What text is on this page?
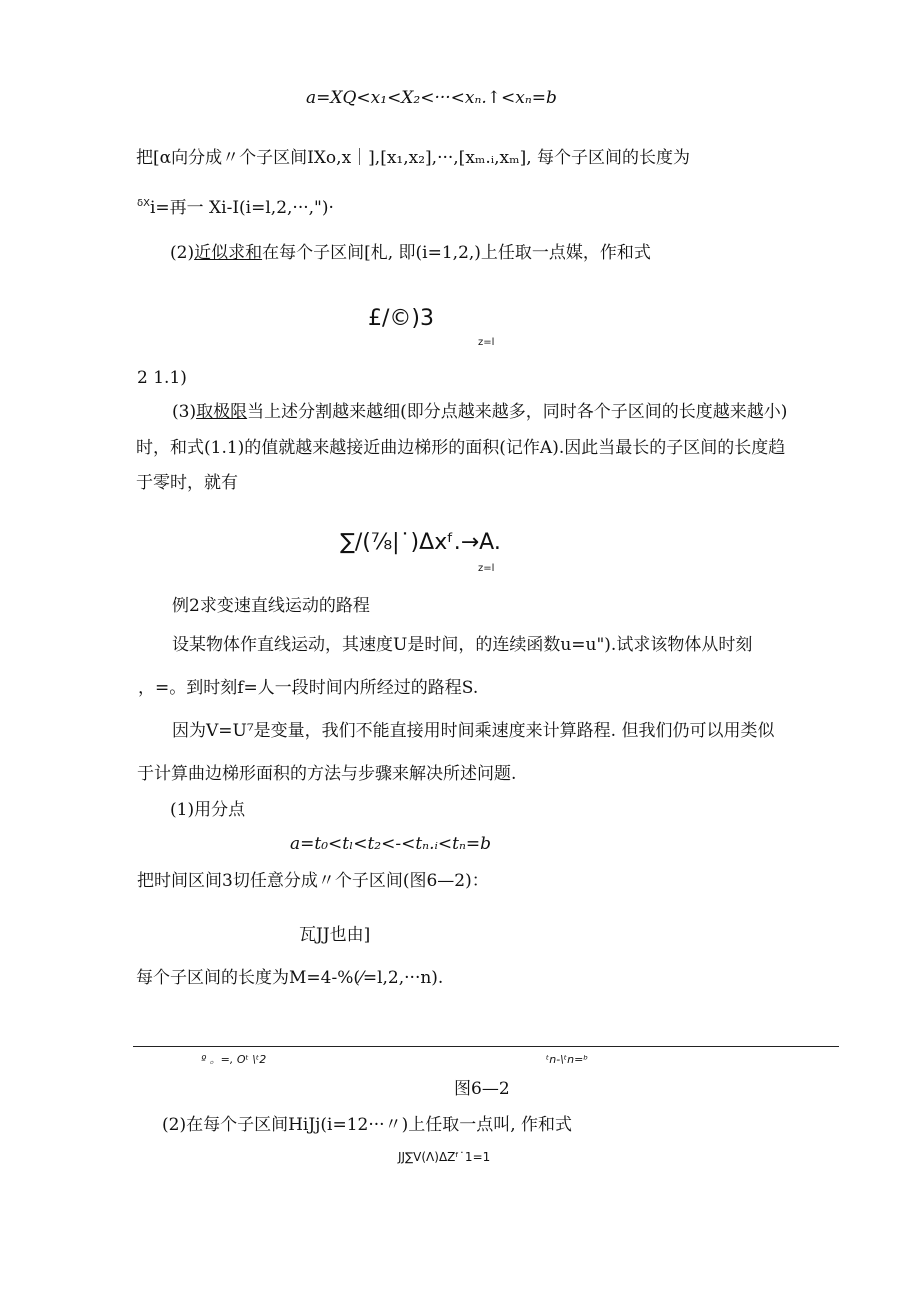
a=XQ<x₁<X₂<···<xₙ.↑<xₙ=b
把[α向分成〃个子区间IXo,x｜],[x₁,x₂],···,[xₘ.ᵢ,xₘ], 每个子区间的长度为
$^{\delta X}$i=再一 Xi-I(i=l,2,···,")·
(2)近似求和在每个子区间[札, 即(i=1,2,)上任取一点媒，作和式
£/©)3
z=l
2 1.1)
(3)取极限当上述分割越来越细(即分点越来越多，同时各个子区间的长度越来越小)
时，和式(1.1)的值就越来越接近曲边梯形的面积(记作A).因此当最长的子区间的长度趋
于零时，就有
∑/(⅞|˙)Δxᶠ.→A.
z=l
例2求变速直线运动的路程
设某物体作直线运动，其速度U是时间，的连续函数u=u").试求该物体从时刻
，=。到时刻f=人一段时间内所经过的路程S.
因为V=U⁷是变量，我们不能直接用时间乘速度来计算路程. 但我们仍可以用类似
于计算曲边梯形面积的方法与步骤来解决所述问题.
(1)用分点
a=t₀<tₗ<t₂<-<tₙ.ᵢ<tₙ=b
把时间区间3切任意分成〃个子区间(图6—2)：
瓦JJ也由]
每个子区间的长度为M=4-%(⁄=l,2,···n).
º 。=, Oᵗ \ᵗ2	ᵗn-\ᵗn=ᵇ
图6—2
(2)在每个子区间HiJj(i=12···〃)上任取一点叫, 作和式
JJ∑V(Λ)ΔZᶠ˙1=1
